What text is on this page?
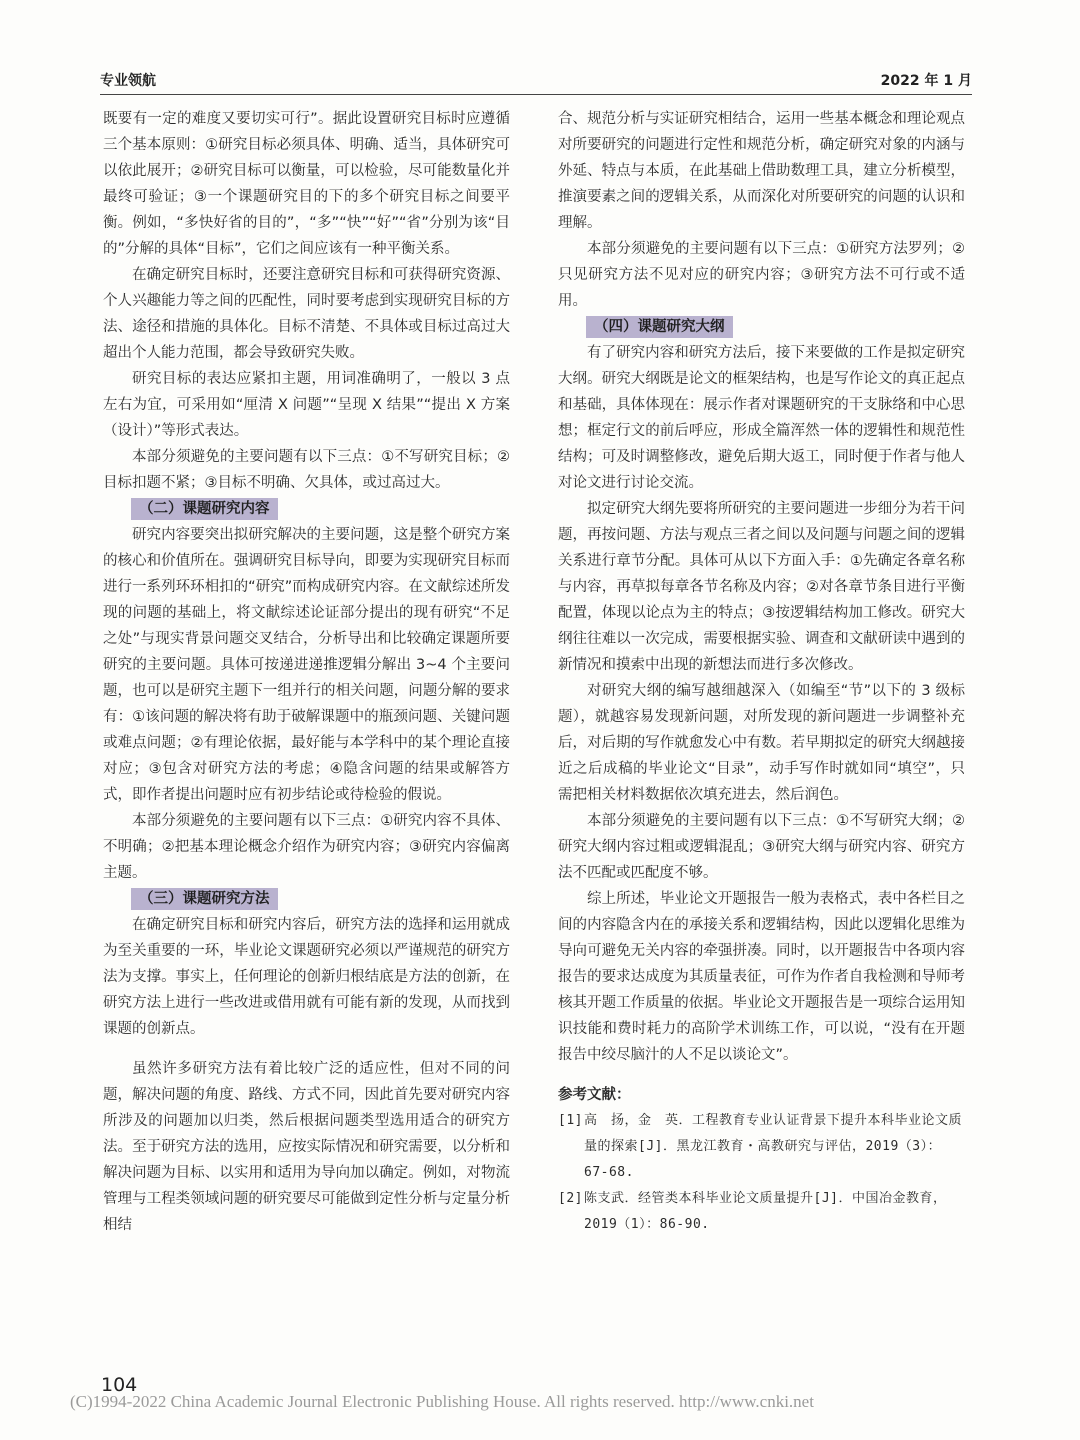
专业领航	2022 年 1 月

既要有一定的难度又要切实可行”。据此设置研究目标时应遵循三个基本原则：①研究目标必须具体、明确、适当，具体研究可以依此展开；②研究目标可以衡量，可以检验，尽可能数量化并最终可验证；③一个课题研究目的下的多个研究目标之间要平衡。例如，“多快好省的目的”，“多”“快”“好”“省”分别为该“目的”分解的具体“目标”，它们之间应该有一种平衡关系。

在确定研究目标时，还要注意研究目标和可获得研究资源、个人兴趣能力等之间的匹配性，同时要考虑到实现研究目标的方法、途径和措施的具体化。目标不清楚、不具体或目标过高过大超出个人能力范围，都会导致研究失败。

研究目标的表达应紧扣主题，用词准确明了，一般以 3 点左右为宜，可采用如“厘清 X 问题”“呈现 X 结果”“提出 X 方案（设计）”等形式表达。

本部分须避免的主要问题有以下三点：①不写研究目标；②目标扣题不紧；③目标不明确、欠具体，或过高过大。

（二）课题研究内容

研究内容要突出拟研究解决的主要问题，这是整个研究方案的核心和价值所在。强调研究目标导向，即要为实现研究目标而进行一系列环环相扣的“研究”而构成研究内容。在文献综述所发现的问题的基础上，将文献综述论证部分提出的现有研究“不足之处”与现实背景问题交叉结合，分析导出和比较确定课题所要研究的主要问题。具体可按递进递推逻辑分解出 3~4 个主要问题，也可以是研究主题下一组并行的相关问题，问题分解的要求有：①该问题的解决将有助于破解课题中的瓶颈问题、关键问题或难点问题；②有理论依据，最好能与本学科中的某个理论直接对应；③包含对研究方法的考虑；④隐含问题的结果或解答方式，即作者提出问题时应有初步结论或待检验的假说。

本部分须避免的主要问题有以下三点：①研究内容不具体、不明确；②把基本理论概念介绍作为研究内容；③研究内容偏离主题。

（三）课题研究方法

在确定研究目标和研究内容后，研究方法的选择和运用就成为至关重要的一环，毕业论文课题研究必须以严谨规范的研究方法为支撑。事实上，任何理论的创新归根结底是方法的创新，在研究方法上进行一些改进或借用就有可能有新的发现，从而找到课题的创新点。

虽然许多研究方法有着比较广泛的适应性，但对不同的问题，解决问题的角度、路线、方式不同，因此首先要对研究内容所涉及的问题加以归类，然后根据问题类型选用适合的研究方法。至于研究方法的选用，应按实际情况和研究需要，以分析和解决问题为目标、以实用和适用为导向加以确定。例如，对物流管理与工程类领域问题的研究要尽可能做到定性分析与定量分析相结

合、规范分析与实证研究相结合，运用一些基本概念和理论观点对所要研究的问题进行定性和规范分析，确定研究对象的内涵与外延、特点与本质，在此基础上借助数理工具，建立分析模型，推演要素之间的逻辑关系，从而深化对所要研究的问题的认识和理解。

本部分须避免的主要问题有以下三点：①研究方法罗列；②只见研究方法不见对应的研究内容；③研究方法不可行或不适用。

（四）课题研究大纲

有了研究内容和研究方法后，接下来要做的工作是拟定研究大纲。研究大纲既是论文的框架结构，也是写作论文的真正起点和基础，具体体现在：展示作者对课题研究的干支脉络和中心思想；框定行文的前后呼应，形成全篇浑然一体的逻辑性和规范性结构；可及时调整修改，避免后期大返工，同时便于作者与他人对论文进行讨论交流。

拟定研究大纲先要将所研究的主要问题进一步细分为若干问题，再按问题、方法与观点三者之间以及问题与问题之间的逻辑关系进行章节分配。具体可从以下方面入手：①先确定各章名称与内容，再草拟每章各节名称及内容；②对各章节条目进行平衡配置，体现以论点为主的特点；③按逻辑结构加工修改。研究大纲往往难以一次完成，需要根据实验、调查和文献研读中遇到的新情况和摸索中出现的新想法而进行多次修改。

对研究大纲的编写越细越深入（如编至“节”以下的 3 级标题），就越容易发现新问题，对所发现的新问题进一步调整补充后，对后期的写作就愈发心中有数。若早期拟定的研究大纲越接近之后成稿的毕业论文“目录”，动手写作时就如同“填空”，只需把相关材料数据依次填充进去，然后润色。

本部分须避免的主要问题有以下三点：①不写研究大纲；②研究大纲内容过粗或逻辑混乱；③研究大纲与研究内容、研究方法不匹配或匹配度不够。

综上所述，毕业论文开题报告一般为表格式，表中各栏目之间的内容隐含内在的承接关系和逻辑结构，因此以逻辑化思维为导向可避免无关内容的牵强拼凑。同时，以开题报告中各项内容报告的要求达成度为其质量表征，可作为作者自我检测和导师考核其开题工作质量的依据。毕业论文开题报告是一项综合运用知识技能和费时耗力的高阶学术训练工作，可以说，“没有在开题报告中绞尽脑汁的人不足以谈论文”。

参考文献：

[1] 高　扬，金　英．工程教育专业认证背景下提升本科毕业论文质量的探索[J]．黑龙江教育・高教研究与评估，2019（3）：67-68.
[2] 陈支武．经管类本科毕业论文质量提升[J]．中国冶金教育，2019（1）：86-90.
104
(C)1994-2022 China Academic Journal Electronic Publishing House. All rights reserved. http://www.cnki.net
